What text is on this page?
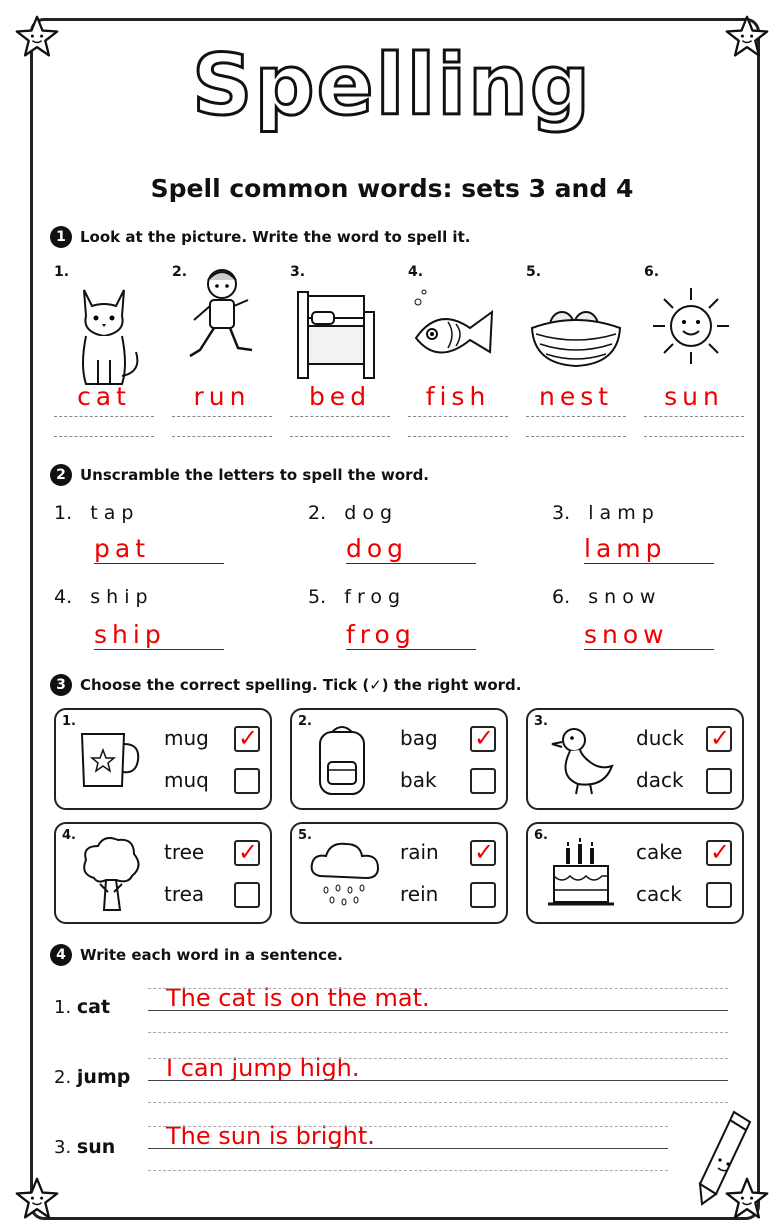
Spelling
Spell common words: sets 3 and 4
1 Look at the picture. Write the word to spell it.
1.
cat
2.
run
3.
bed
4.
fish
5.
nest
6.
sun
2 Unscramble the letters to spell the word.
1. tap
pat
2. dog
dog
3. lamp
lamp
4. ship
ship
5. frog
frog
6. snow
snow
3 Choose the correct spelling. Tick (✓) the right word.
1.
mug ✓
muq
2.
bag ✓
bak
3.
duck ✓
dack
4.
tree ✓
trea
5.
rain ✓
rein
6.
cake ✓
cack
4 Write each word in a sentence.
1. cat The cat is on the mat.
2. jump I can jump high.
3. sun The sun is bright.
